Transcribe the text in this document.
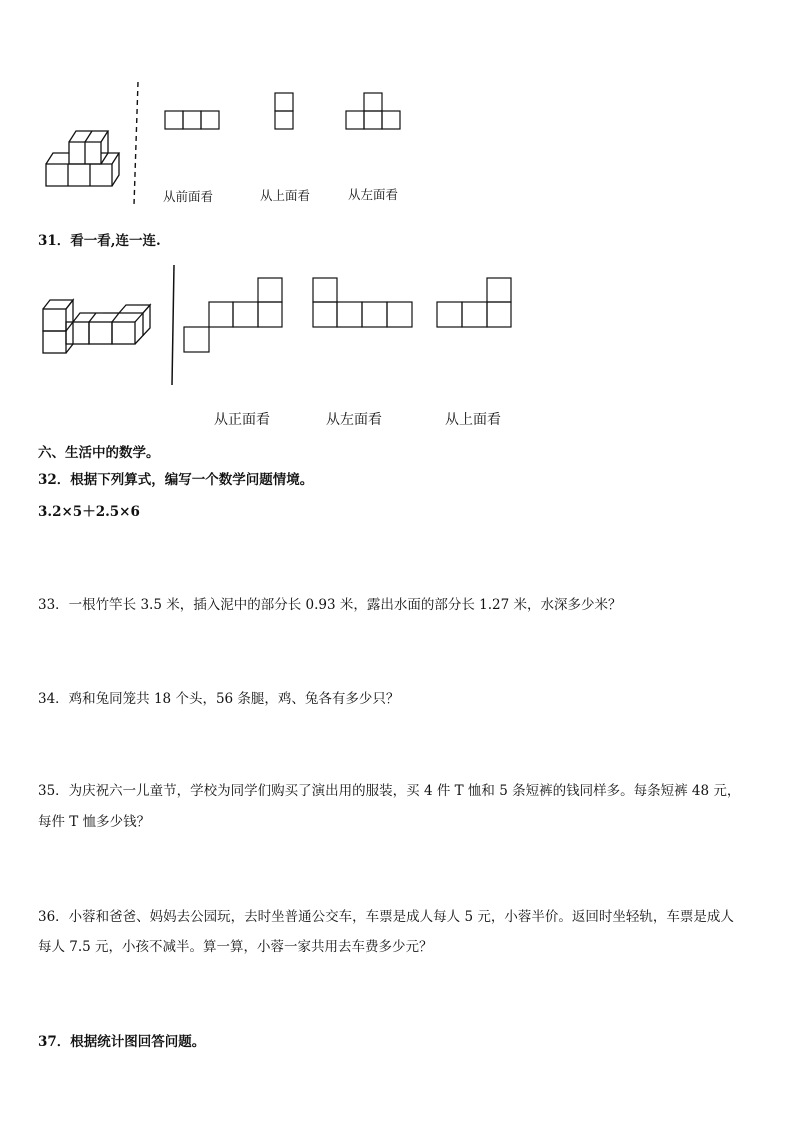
从前面看	从上面看	从左面看
31．看一看,连一连.
从正面看	从左面看	从上面看
六、生活中的数学。
32．根据下列算式，编写一个数学问题情境。
3.2×5＋2.5×6
33．一根竹竿长 3.5 米，插入泥中的部分长 0.93 米，露出水面的部分长 1.27 米，水深多少米？
34．鸡和兔同笼共 18 个头，56 条腿，鸡、兔各有多少只？
35．为庆祝六一儿童节，学校为同学们购买了演出用的服装，买 4 件 T 恤和 5 条短裤的钱同样多。每条短裤 48 元，
每件 T 恤多少钱？
36．小蓉和爸爸、妈妈去公园玩，去时坐普通公交车，车票是成人每人 5 元，小蓉半价。返回时坐轻轨，车票是成人
每人 7.5 元，小孩不减半。算一算，小蓉一家共用去车费多少元？
37．根据统计图回答问题。
